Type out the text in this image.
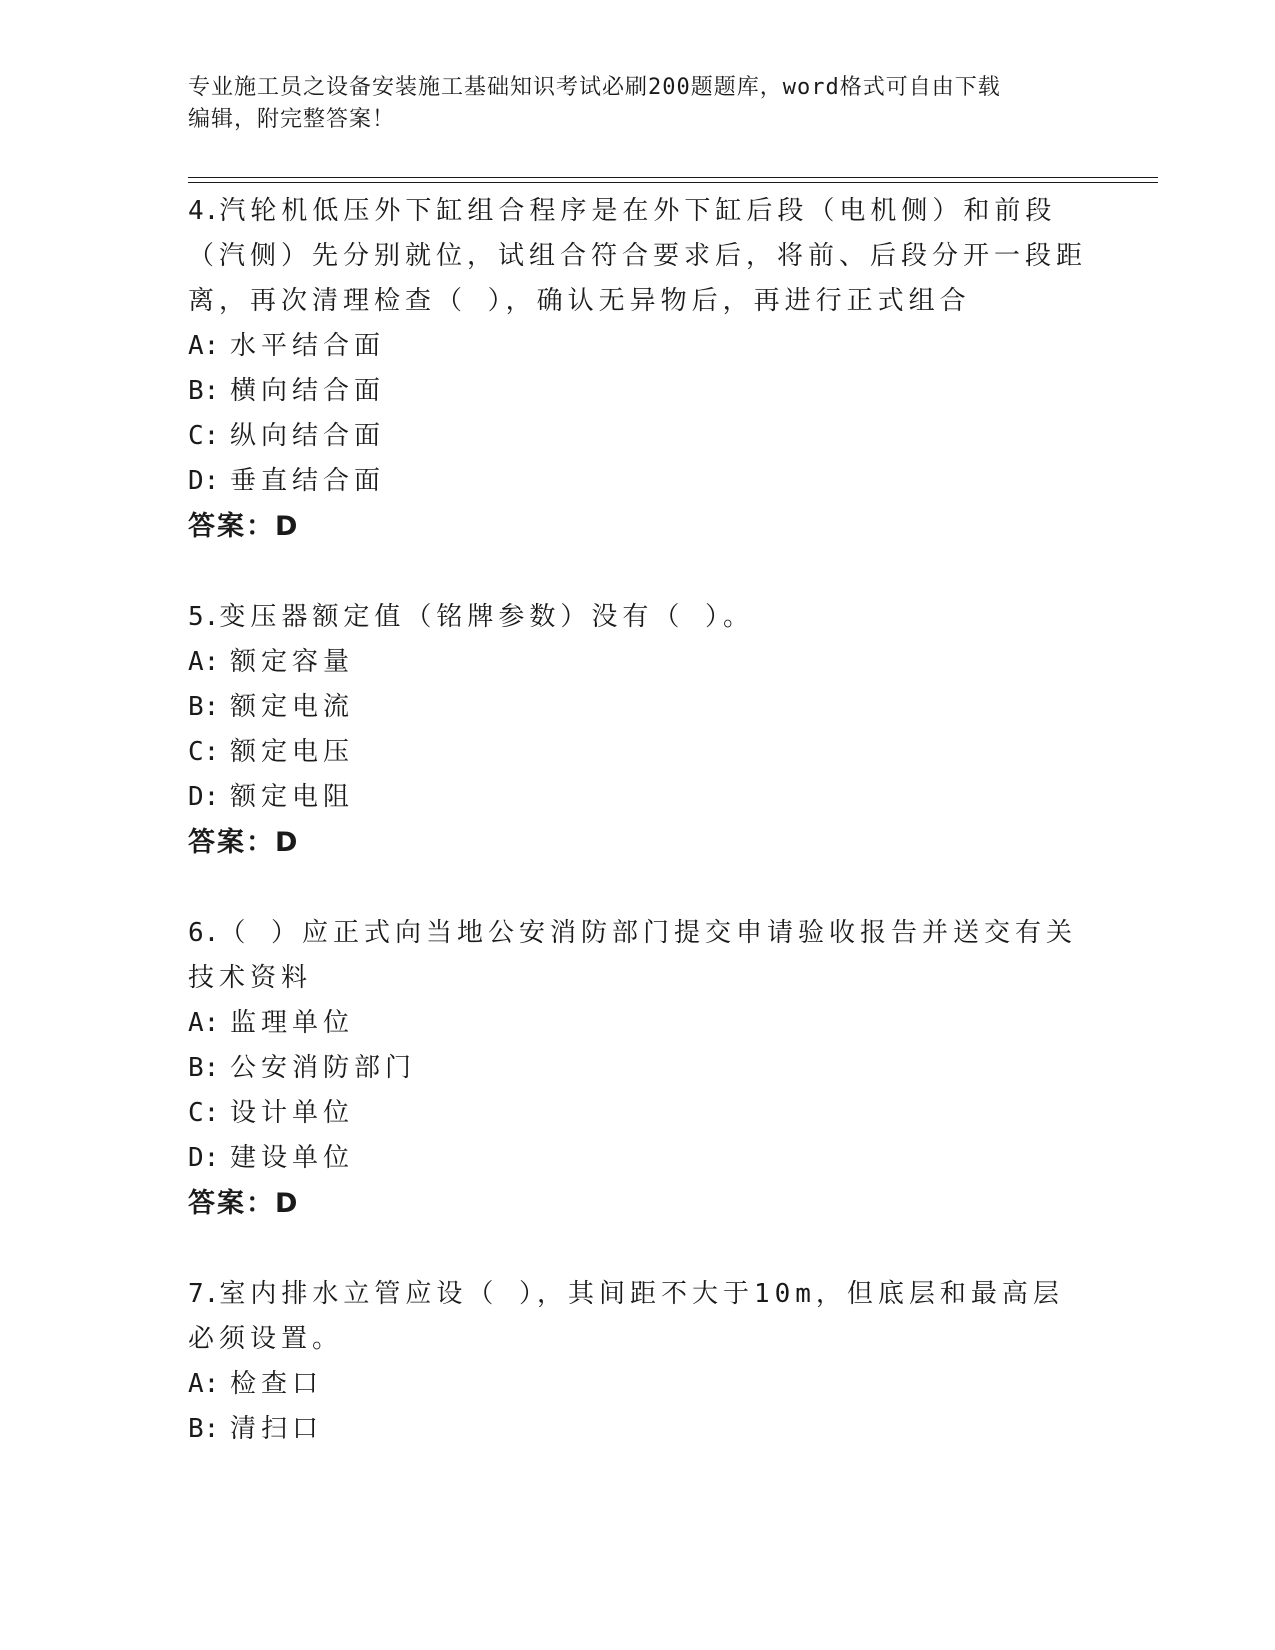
专业施工员之设备安装施工基础知识考试必刷200题题库，word格式可自由下载
编辑，附完整答案！

4.汽轮机低压外下缸组合程序是在外下缸后段（电机侧）和前段（汽侧）先分别就位，试组合符合要求后，将前、后段分开一段距离，再次清理检查（ ），确认无异物后，再进行正式组合

A: 水平结合面
B: 横向结合面
C: 纵向结合面
D: 垂直结合面
答案：D

5.变压器额定值（铭牌参数）没有（ ）。

A: 额定容量
B: 额定电流
C: 额定电压
D: 额定电阻
答案：D

6.（ ）应正式向当地公安消防部门提交申请验收报告并送交有关技术资料

A: 监理单位
B: 公安消防部门
C: 设计单位
D: 建设单位
答案：D

7.室内排水立管应设（ ），其间距不大于10m，但底层和最高层必须设置。

A: 检查口
B: 清扫口
